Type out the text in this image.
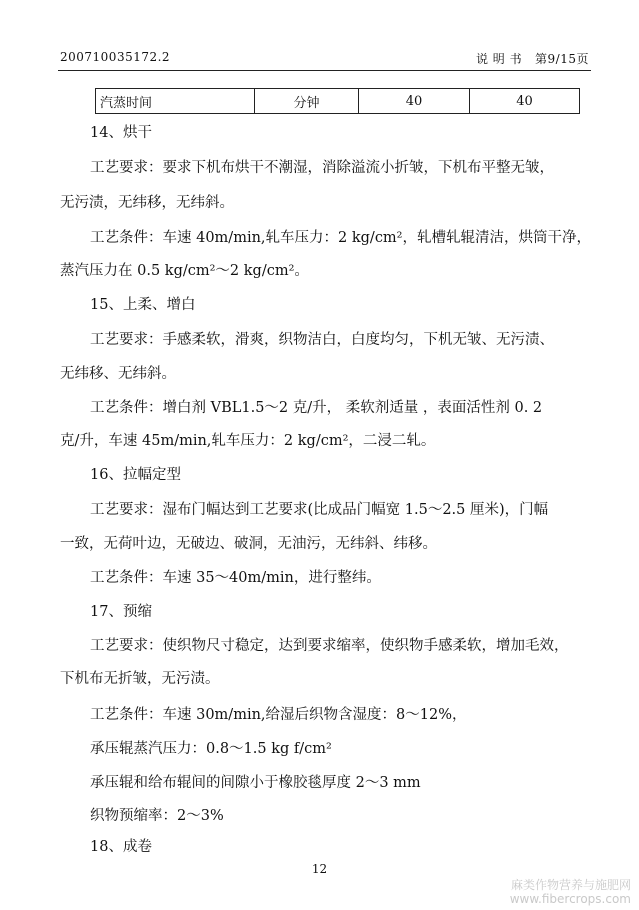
200710035172.2	说 明 书 第9/15页
汽蒸时间	分钟	40	40
14、烘干
工艺要求：要求下机布烘干不潮湿，消除溢流小折皱，下机布平整无皱，
无污渍，无纬移，无纬斜。
工艺条件：车速 40m/min,轧车压力：2 kg/cm²，轧槽轧辊清洁，烘筒干净，
蒸汽压力在 0.5 kg/cm²～2 kg/cm²。
15、上柔、增白
工艺要求：手感柔软，滑爽，织物洁白，白度均匀，下机无皱、无污渍、
无纬移、无纬斜。
工艺条件：增白剂 VBL1.5～2 克/升， 柔软剂适量 ，表面活性剂 0. 2
克/升，车速 45m/min,轧车压力：2 kg/cm²，二浸二轧。
16、拉幅定型
工艺要求：湿布门幅达到工艺要求(比成品门幅宽 1.5～2.5 厘米)，门幅
一致，无荷叶边，无破边、破洞，无油污，无纬斜、纬移。
工艺条件：车速 35～40m/min，进行整纬。
17、预缩
工艺要求：使织物尺寸稳定，达到要求缩率，使织物手感柔软，增加毛效，
下机布无折皱，无污渍。
工艺条件：车速 30m/min,给湿后织物含湿度：8～12%，
承压辊蒸汽压力：0.8～1.5 kg f/cm²
承压辊和给布辊间的间隙小于橡胶毯厚度 2～3 mm
织物预缩率：2～3%
18、成卷
12
麻类作物营养与施肥网
www.fibercrops.com
